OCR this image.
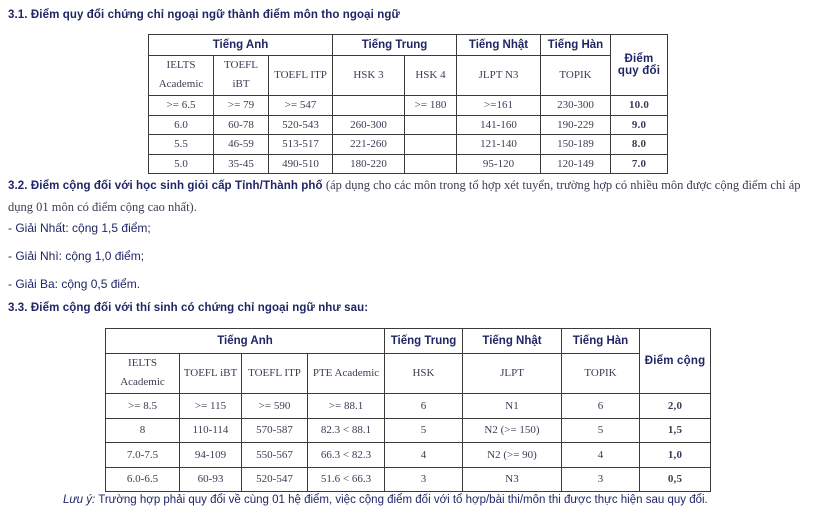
3.1. Điểm quy đổi chứng chỉ ngoại ngữ thành điểm môn tho ngoại ngữ
Tiếng Anh			Tiếng Trung		Tiếng Nhật	Tiếng Hàn	Điểm quy đổi
IELTS Academic	TOEFL iBT	TOEFL ITP	HSK 3	HSK 4	JLPT N3	TOPIK	
>= 6.5	>= 79	>= 547		>= 180	>=161	230-300	10.0
6.0	60-78	520-543	260-300		141-160	190-229	9.0
5.5	46-59	513-517	221-260		121-140	150-189	8.0
5.0	35-45	490-510	180-220		95-120	120-149	7.0
3.2. Điểm cộng đối với học sinh giỏi cấp Tỉnh/Thành phố (áp dụng cho các môn trong tổ hợp xét tuyển, trường hợp có nhiều môn được cộng điểm chỉ áp dụng 01 môn có điểm cộng cao nhất).
- Giải Nhất: cộng 1,5 điểm;
- Giải Nhì: cộng 1,0 điểm;
- Giải Ba: cộng 0,5 điểm.
3.3. Điểm cộng đối với thí sinh có chứng chỉ ngoại ngữ như sau:
Tiếng Anh				Tiếng Trung	Tiếng Nhật	Tiếng Hàn	Điểm cộng
IELTS Academic	TOEFL iBT	TOEFL ITP	PTE Academic	HSK	JLPT	TOPIK	
>= 8.5	>= 115	>= 590	>= 88.1	6	N1	6	2,0
8	110-114	570-587	82.3 < 88.1	5	N2 (>= 150)	5	1,5
7.0-7.5	94-109	550-567	66.3 < 82.3	4	N2 (>= 90)	4	1,0
6.0-6.5	60-93	520-547	51.6 < 66.3	3	N3	3	0,5
Lưu ý: Trường hợp phải quy đổi về cùng 01 hệ điểm, việc cộng điểm đối với tổ hợp/bài thi/môn thi được thực hiện sau quy đổi.
